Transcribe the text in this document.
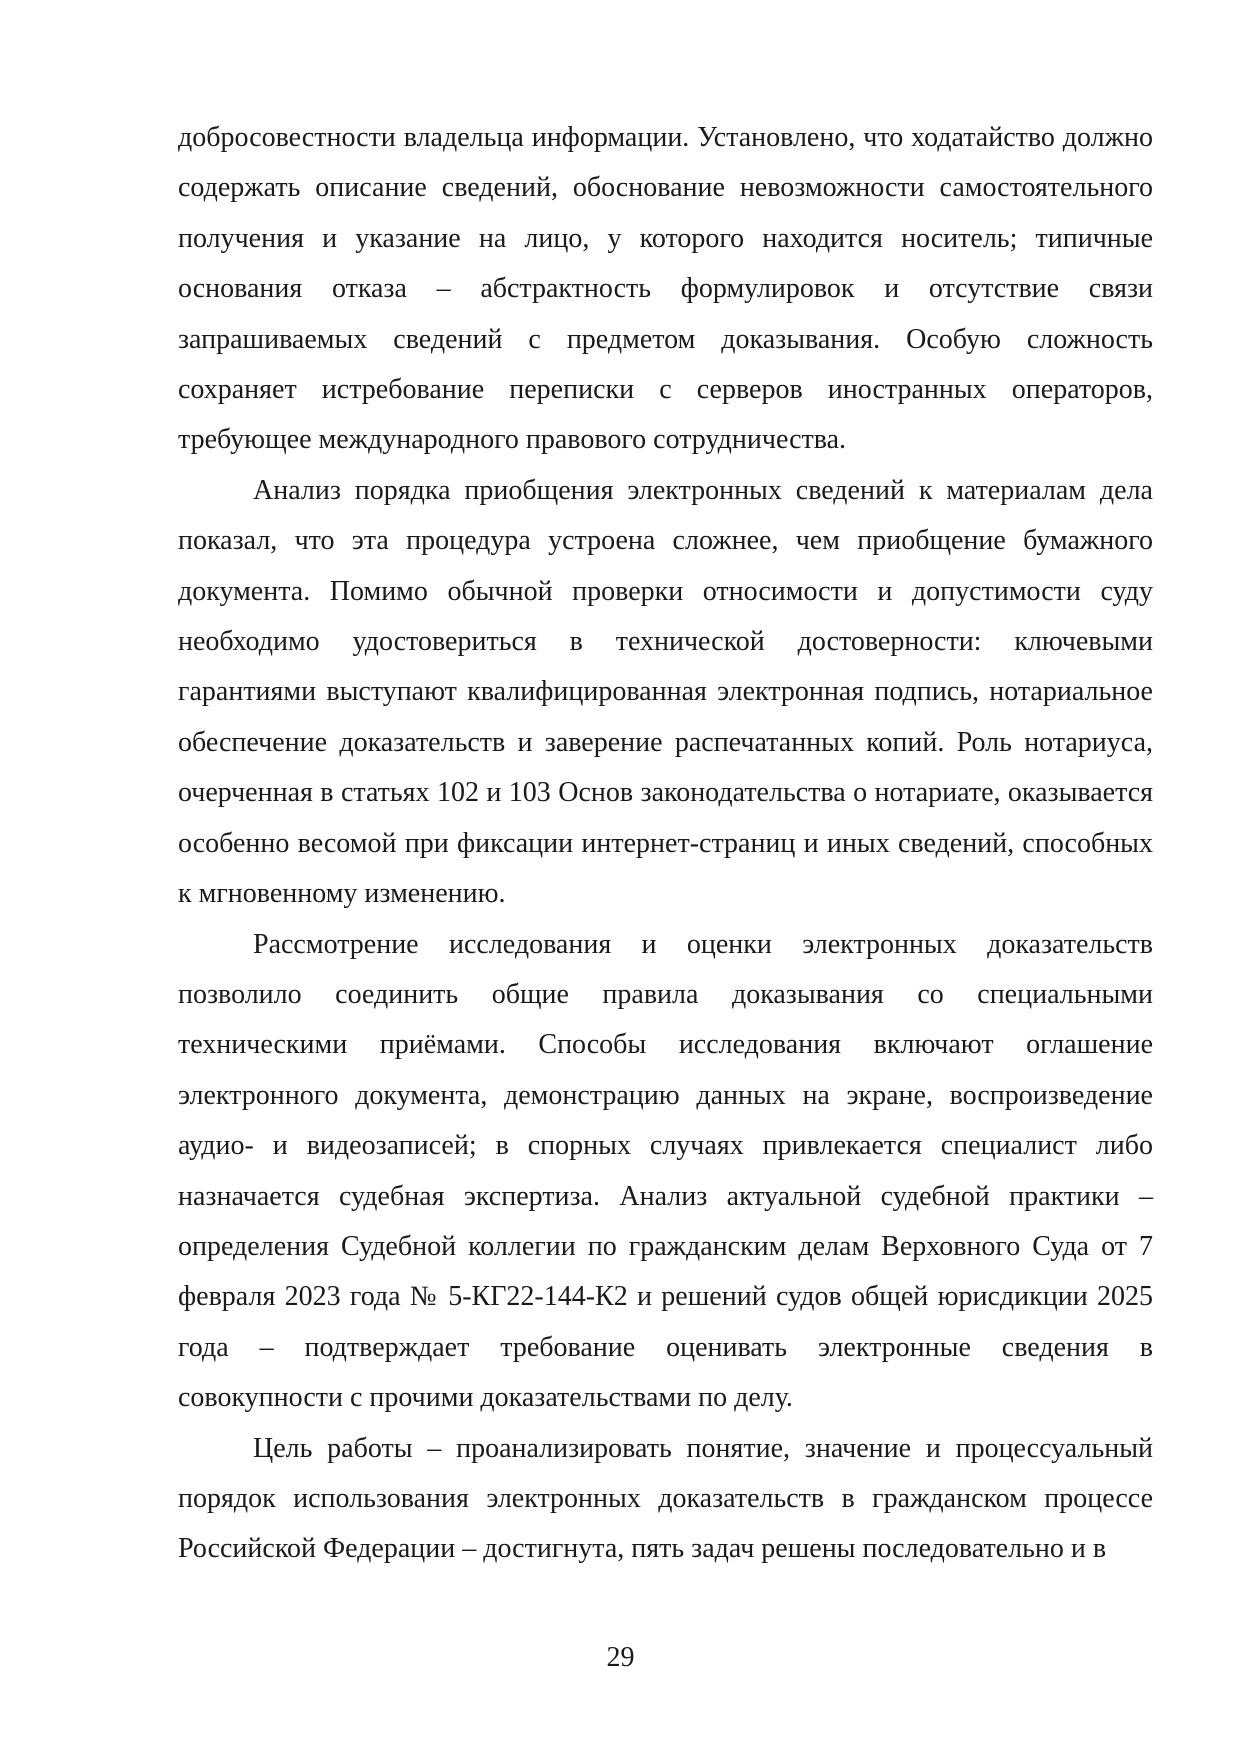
добросовестности владельца информации. Установлено, что ходатайство должно содержать описание сведений, обоснование невозможности самостоятельного получения и указание на лицо, у которого находится носитель; типичные основания отказа – абстрактность формулировок и отсутствие связи запрашиваемых сведений с предметом доказывания. Особую сложность сохраняет истребование переписки с серверов иностранных операторов, требующее международного правового сотрудничества.

Анализ порядка приобщения электронных сведений к материалам дела показал, что эта процедура устроена сложнее, чем приобщение бумажного документа. Помимо обычной проверки относимости и допустимости суду необходимо удостовериться в технической достоверности: ключевыми гарантиями выступают квалифицированная электронная подпись, нотариальное обеспечение доказательств и заверение распечатанных копий. Роль нотариуса, очерченная в статьях 102 и 103 Основ законодательства о нотариате, оказывается особенно весомой при фиксации интернет-страниц и иных сведений, способных к мгновенному изменению.

Рассмотрение исследования и оценки электронных доказательств позволило соединить общие правила доказывания со специальными техническими приёмами. Способы исследования включают оглашение электронного документа, демонстрацию данных на экране, воспроизведение аудио- и видеозаписей; в спорных случаях привлекается специалист либо назначается судебная экспертиза. Анализ актуальной судебной практики – определения Судебной коллегии по гражданским делам Верховного Суда от 7 февраля 2023 года № 5-КГ22-144-К2 и решений судов общей юрисдикции 2025 года – подтверждает требование оценивать электронные сведения в совокупности с прочими доказательствами по делу.

Цель работы – проанализировать понятие, значение и процессуальный порядок использования электронных доказательств в гражданском процессе Российской Федерации – достигнута, пять задач решены последовательно и в

29
